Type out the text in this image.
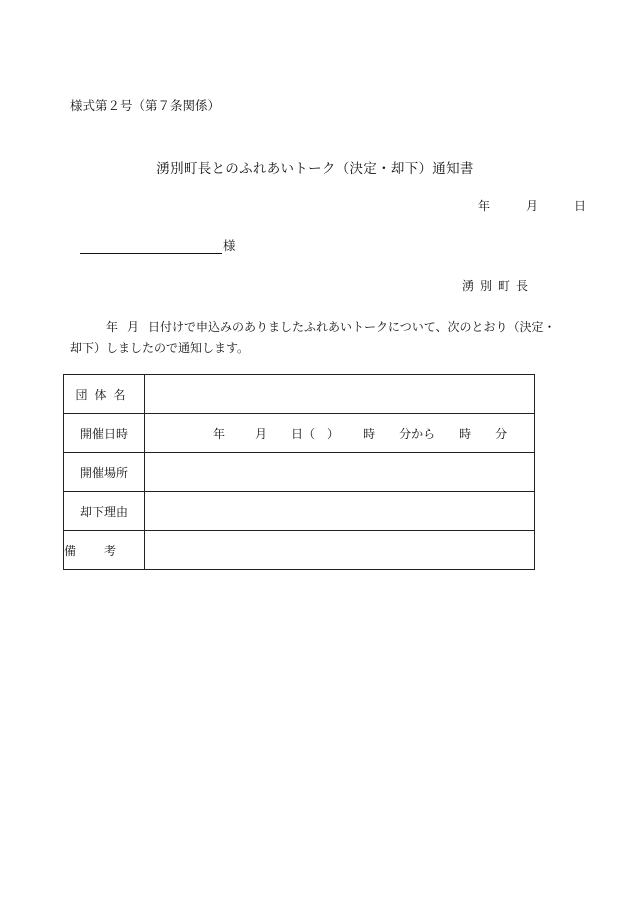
様式第２号（第７条関係）
湧別町長とのふれあいトーク（決定・却下）通知書
年	月	日
様
湧別町長
年 月 日付けで申込みのありましたふれあいトークについて、次のとおり（決定・
却下）しましたので通知します。
団体名	
開催日時	年 月 日（ ） 時 分から 時 分
開催場所	
却下理由	
備考	
